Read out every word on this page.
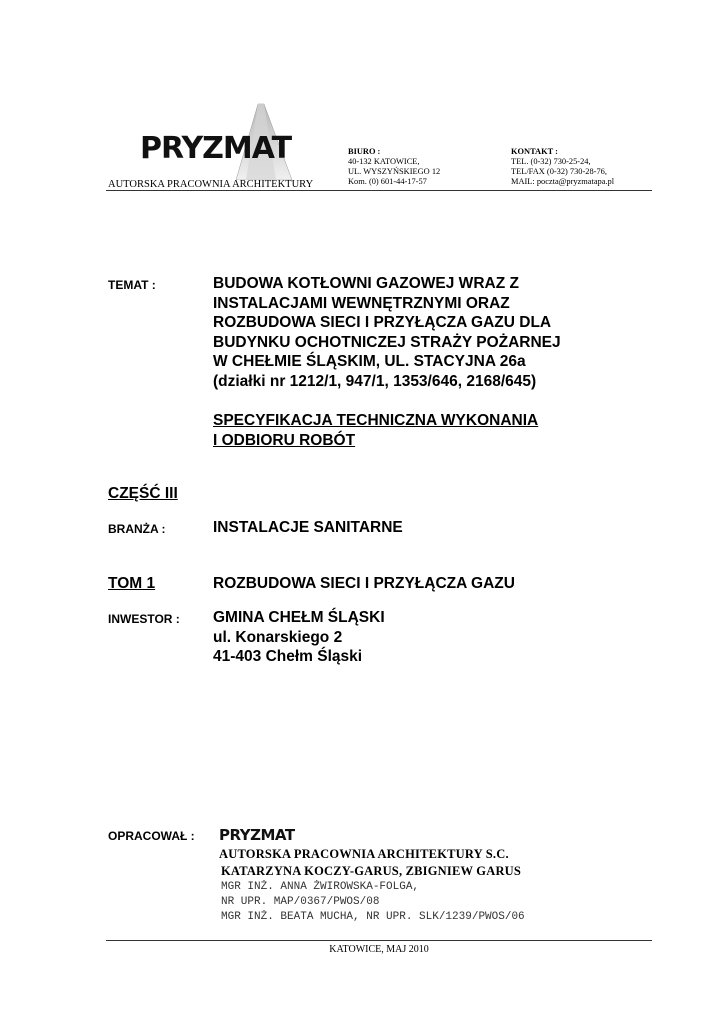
PRYZMAT
AUTORSKA PRACOWNIA ARCHITEKTURY
BIURO :
40-132 KATOWICE,
UL. WYSZYŃSKIEGO 12
Kom. (0) 601-44-17-57
KONTAKT :
TEL. (0-32) 730-25-24,
TEL/FAX (0-32) 730-28-76,
MAIL: poczta@pryzmatapa.pl
TEMAT :	BUDOWA KOTŁOWNI GAZOWEJ WRAZ Z
INSTALACJAMI WEWNĘTRZNYMI ORAZ
ROZBUDOWA SIECI I PRZYŁĄCZA GAZU DLA
BUDYNKU OCHOTNICZEJ STRAŻY POŻARNEJ
W CHEŁMIE ŚLĄSKIM, UL. STACYJNA 26a
(działki nr 1212/1, 947/1, 1353/646, 2168/645)
SPECYFIKACJA TECHNICZNA WYKONANIA
I ODBIORU ROBÓT
CZĘŚĆ III
BRANŻA :	INSTALACJE SANITARNE
TOM 1	ROZBUDOWA SIECI I PRZYŁĄCZA GAZU
INWESTOR : GMINA CHEŁM ŚLĄSKI
ul. Konarskiego 2
41-403 Chełm Śląski
OPRACOWAŁ : PRYZMAT
AUTORSKA PRACOWNIA ARCHITEKTURY S.C.
KATARZYNA KOCZY-GARUS, ZBIGNIEW GARUS
MGR INŻ. ANNA ŻWIROWSKA-FOLGA,
NR UPR. MAP/0367/PWOS/08
MGR INŻ. BEATA MUCHA, NR UPR. SLK/1239/PWOS/06
KATOWICE, MAJ 2010
